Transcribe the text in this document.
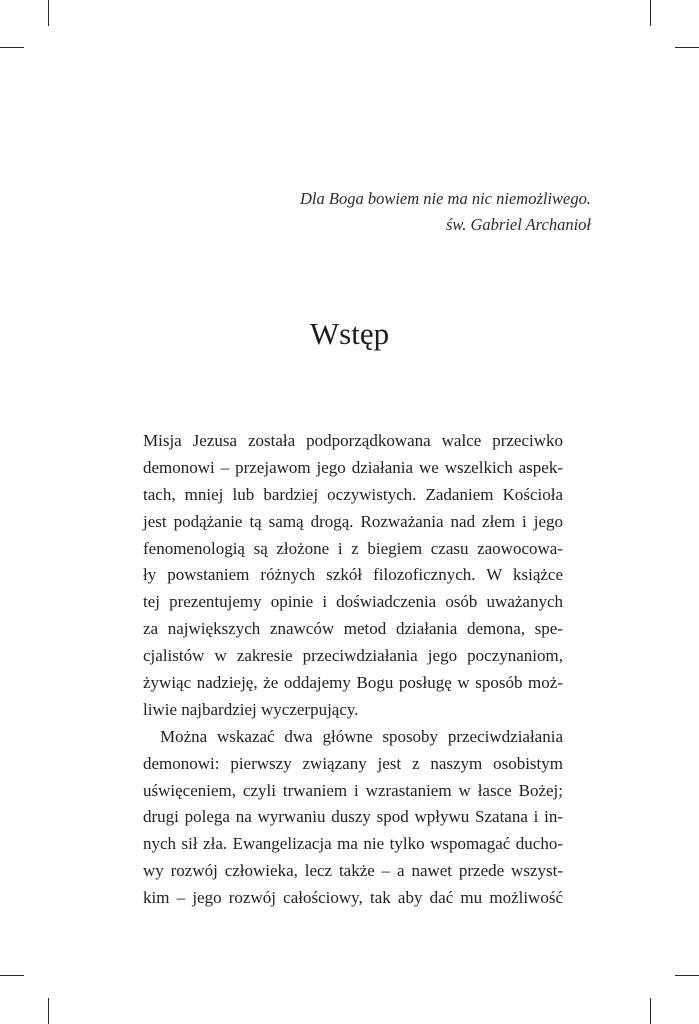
Dla Boga bowiem nie ma nic niemożliwego.
św. Gabriel Archanioł
Wstęp
Misja Jezusa została podporządkowana walce przeciwko
demonowi – przejawom jego działania we wszelkich aspek-
tach, mniej lub bardziej oczywistych. Zadaniem Kościoła
jest podążanie tą samą drogą. Rozważania nad złem i jego
fenomenologią są złożone i z biegiem czasu zaowocowa-
ły powstaniem różnych szkół filozoficznych. W książce
tej prezentujemy opinie i doświadczenia osób uważanych
za największych znawców metod działania demona, spe-
cjalistów w zakresie przeciwdziałania jego poczynaniom,
żywiąc nadzieję, że oddajemy Bogu posługę w sposób moż-
liwie najbardziej wyczerpujący.
Można wskazać dwa główne sposoby przeciwdziałania
demonowi: pierwszy związany jest z naszym osobistym
uświęceniem, czyli trwaniem i wzrastaniem w łasce Bożej;
drugi polega na wyrwaniu duszy spod wpływu Szatana i in-
nych sił zła. Ewangelizacja ma nie tylko wspomagać ducho-
wy rozwój człowieka, lecz także – a nawet przede wszyst-
kim – jego rozwój całościowy, tak aby dać mu możliwość
